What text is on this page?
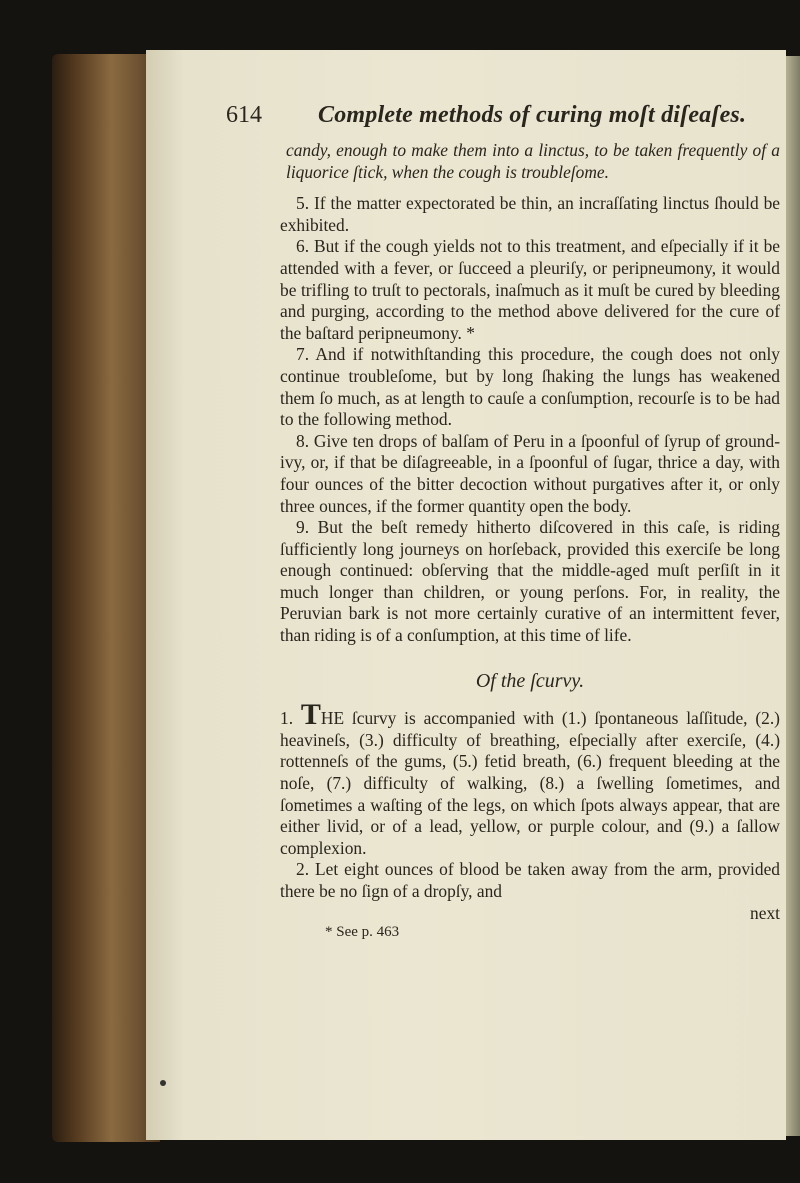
614 Complete methods of curing moſt diſeaſes.

candy, enough to make them into a linctus, to be taken frequently of a liquorice ſtick, when the cough is troubleſome.

5. If the matter expectorated be thin, an incraſſating linctus ſhould be exhibited.

6. But if the cough yields not to this treatment, and eſpecially if it be attended with a fever, or ſucceed a pleuriſy, or peripneumony, it would be trifling to truſt to pectorals, inaſmuch as it muſt be cured by bleeding and purging, according to the method above delivered for the cure of the baſtard peripneumony. *

7. And if notwithſtanding this procedure, the cough does not only continue troubleſome, but by long ſhaking the lungs has weakened them ſo much, as at length to cauſe a conſumption, recourſe is to be had to the following method.

8. Give ten drops of balſam of Peru in a ſpoonful of ſyrup of ground-ivy, or, if that be diſagreeable, in a ſpoonful of ſugar, thrice a day, with four ounces of the bitter decoction without purgatives after it, or only three ounces, if the former quantity open the body.

9. But the beſt remedy hitherto diſcovered in this caſe, is riding ſufficiently long journeys on horſeback, provided this exerciſe be long enough continued: obſerving that the middle-aged muſt perſiſt in it much longer than children, or young perſons. For, in reality, the Peruvian bark is not more certainly curative of an intermittent fever, than riding is of a conſumption, at this time of life.

Of the ſcurvy.

1. THE ſcurvy is accompanied with (1.) ſpontaneous laſſitude, (2.) heavineſs, (3.) difficulty of breathing, eſpecially after exerciſe, (4.) rottenneſs of the gums, (5.) fetid breath, (6.) frequent bleeding at the noſe, (7.) difficulty of walking, (8.) a ſwelling ſometimes, and ſometimes a waſting of the legs, on which ſpots always appear, that are either livid, or of a lead, yellow, or purple colour, and (9.) a ſallow complexion.

2. Let eight ounces of blood be taken away from the arm, provided there be no ſign of a dropſy, and

next

* See p. 463
